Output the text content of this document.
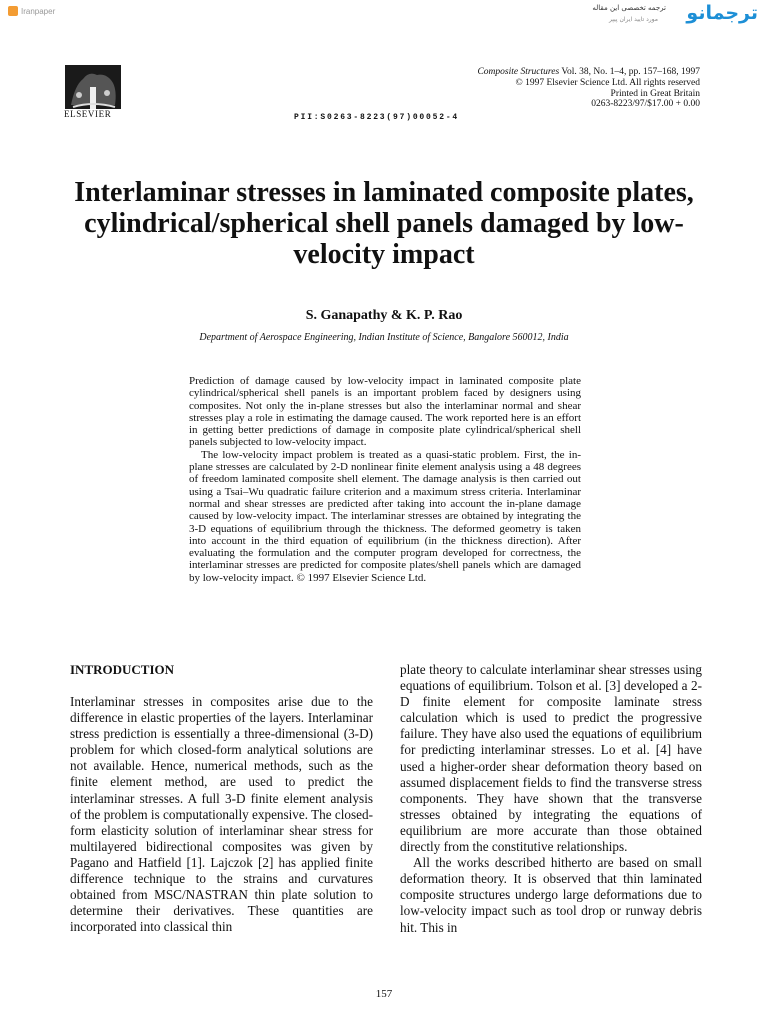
Iranpaper	ترجمه تخصصی این مقاله
مورد تایید ایران پیپر ترجمانو
ELSEVIER
Composite Structures Vol. 38, No. 1–4, pp. 157–168, 1997
© 1997 Elsevier Science Ltd. All rights reserved
Printed in Great Britain
0263-8223/97/$17.00 + 0.00
PII:S0263-8223(97)00052-4
Interlaminar stresses in laminated composite plates, cylindrical/spherical shell panels damaged by low-velocity impact
S. Ganapathy & K. P. Rao
Department of Aerospace Engineering, Indian Institute of Science, Bangalore 560012, India

Prediction of damage caused by low-velocity impact in laminated composite plate cylindrical/spherical shell panels is an important problem faced by designers using composites. Not only the in-plane stresses but also the interlaminar normal and shear stresses play a role in estimating the damage caused. The work reported here is an effort in getting better predictions of damage in composite plate cylindrical/spherical shell panels subjected to low-velocity impact.

The low-velocity impact problem is treated as a quasi-static problem. First, the in-plane stresses are calculated by 2-D nonlinear finite element analysis using a 48 degrees of freedom laminated composite shell element. The damage analysis is then carried out using a Tsai–Wu quadratic failure criterion and a maximum stress criteria. Interlaminar normal and shear stresses are predicted after taking into account the in-plane damage caused by low-velocity impact. The interlaminar stresses are obtained by integrating the 3-D equations of equilibrium through the thickness. The deformed geometry is taken into account in the third equation of equilibrium (in the thickness direction). After evaluating the formulation and the computer program developed for correctness, the interlaminar stresses are predicted for composite plates/shell panels which are damaged by low-velocity impact. © 1997 Elsevier Science Ltd.

INTRODUCTION

Interlaminar stresses in composites arise due to the difference in elastic properties of the layers. Interlaminar stress prediction is essentially a three-dimensional (3-D) problem for which closed-form analytical solutions are not available. Hence, numerical methods, such as the finite element method, are used to predict the interlaminar stresses. A full 3-D finite element analysis of the problem is computationally expensive. The closed-form elasticity solution of interlaminar shear stress for multilayered bidirectional composites was given by Pagano and Hatfield [1]. Lajczok [2] has applied finite difference technique to the strains and curvatures obtained from MSC/NASTRAN thin plate solution to determine their derivatives. These quantities are incorporated into classical thin

plate theory to calculate interlaminar shear stresses using equations of equilibrium. Tolson et al. [3] developed a 2-D finite element for composite laminate stress calculation which is used to predict the progressive failure. They have also used the equations of equilibrium for predicting interlaminar stresses. Lo et al. [4] have used a higher-order shear deformation theory based on assumed displacement fields to find the transverse stress components. They have shown that the transverse stresses obtained by integrating the equations of equilibrium are more accurate than those obtained directly from the constitutive relationships.

All the works described hitherto are based on small deformation theory. It is observed that thin laminated composite structures undergo large deformations due to low-velocity impact such as tool drop or runway debris hit. This in

157
